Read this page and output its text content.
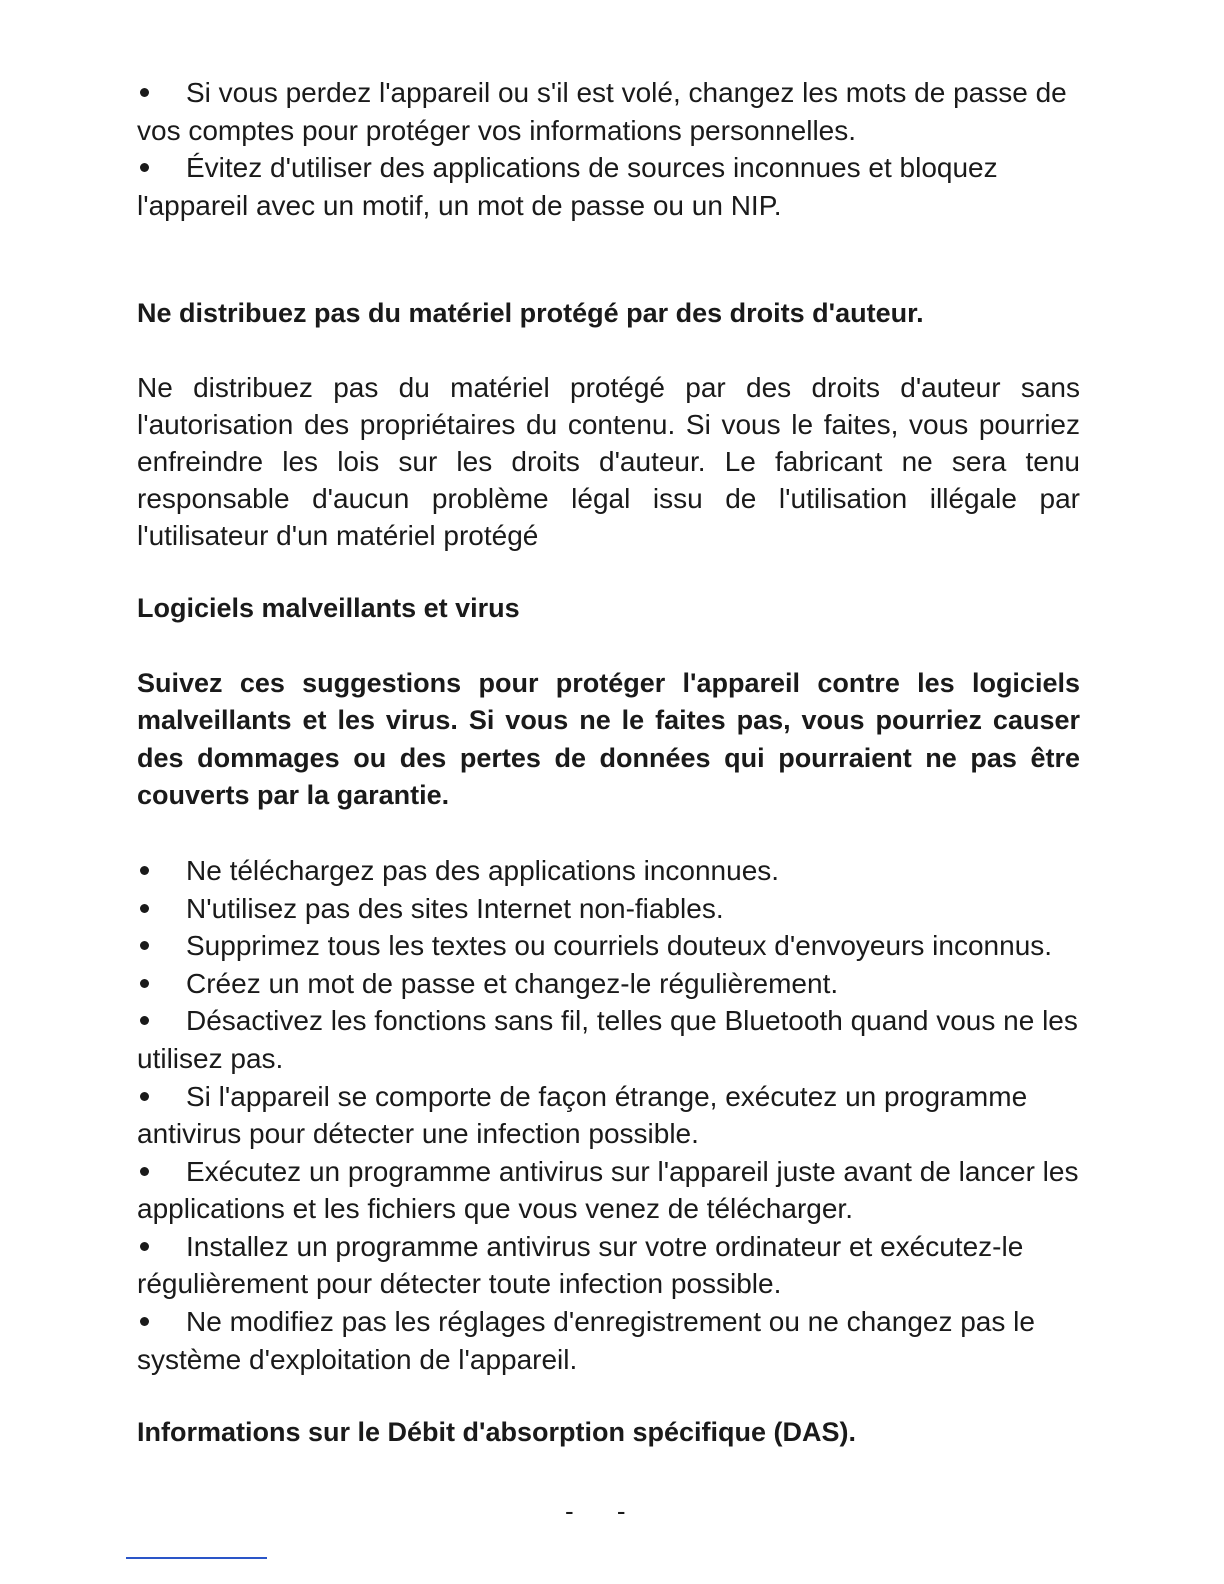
Si vous perdez l'appareil ou s'il est volé, changez les mots de passe de vos comptes pour protéger vos informations personnelles.
Évitez d'utiliser des applications de sources inconnues et bloquez l'appareil avec un motif, un mot de passe ou un NIP.
Ne distribuez pas du matériel protégé par des droits d'auteur.

Ne distribuez pas du matériel protégé par des droits d'auteur sans l'autorisation des propriétaires du contenu. Si vous le faites, vous pourriez enfreindre les lois sur les droits d'auteur. Le fabricant ne sera tenu responsable d'aucun problème légal issu de l'utilisation illégale par l'utilisateur d'un matériel protégé

Logiciels malveillants et virus

Suivez ces suggestions pour protéger l'appareil contre les logiciels malveillants et les virus. Si vous ne le faites pas, vous pourriez causer des dommages ou des pertes de données qui pourraient ne pas être couverts par la garantie.

Ne téléchargez pas des applications inconnues.
N'utilisez pas des sites Internet non-fiables.
Supprimez tous les textes ou courriels douteux d'envoyeurs inconnus.
Créez un mot de passe et changez-le régulièrement.
Désactivez les fonctions sans fil, telles que Bluetooth quand vous ne les utilisez pas.
Si l'appareil se comporte de façon étrange, exécutez un programme antivirus pour détecter une infection possible.
Exécutez un programme antivirus sur l'appareil juste avant de lancer les applications et les fichiers que vous venez de télécharger.
Installez un programme antivirus sur votre ordinateur et exécutez-le régulièrement pour détecter toute infection possible.
Ne modifiez pas les réglages d'enregistrement ou ne changez pas le système d'exploitation de l'appareil.
Informations sur le Débit d'absorption spécifique (DAS).
- -
